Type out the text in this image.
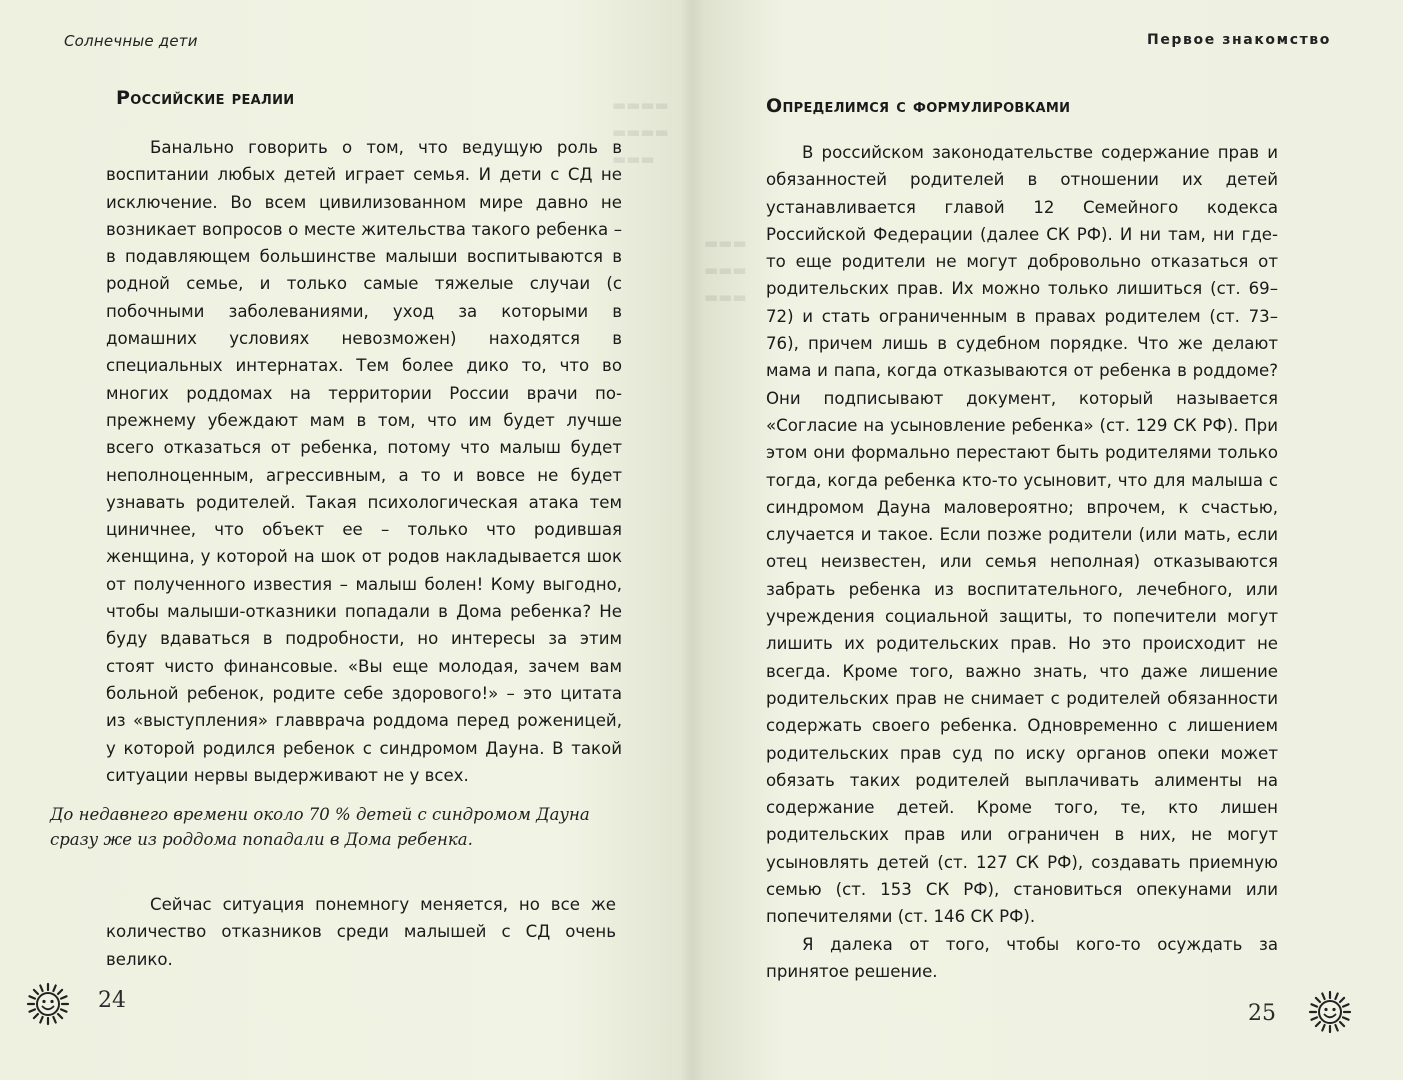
▬▬▬▬
▬▬▬▬
▬▬▬
Солнечные дети
Российские реалии

Банально говорить о том, что ведущую роль в воспитании любых детей играет семья. И дети с СД не исключение. Во всем цивилизованном мире давно не возникает вопросов о месте жительства такого ребенка – в подавляющем большинстве малыши воспитываются в родной семье, и только самые тяжелые случаи (с побочными заболеваниями, уход за которыми в домашних условиях невозможен) находятся в специальных интернатах. Тем более дико то, что во многих роддомах на территории России врачи по-прежнему убеждают мам в том, что им будет лучше всего отказаться от ребенка, потому что малыш будет неполноценным, агрессивным, а то и вовсе не будет узнавать родителей. Такая психологическая атака тем циничнее, что объект ее – только что родившая женщина, у которой на шок от родов накладывается шок от полученного известия – малыш болен! Кому выгодно, чтобы малыши-отказники попадали в Дома ребенка? Не буду вдаваться в подробности, но интересы за этим стоят чисто финансовые. «Вы еще молодая, зачем вам больной ребенок, родите себе здорового!» – это цитата из «выступления» главврача роддома перед роженицей, у которой родился ребенок с синдромом Дауна. В такой ситуации нервы выдерживают не у всех.

До недавнего времени около 70 % детей с синдромом Дауна сразу же из роддома попадали в Дома ребенка.

Сейчас ситуация понемногу меняется, но все же количество отказников среди малышей с СД очень велико.

24
▬▬▬
▬▬▬
▬▬▬
Первое знакомство
Определимся с формулировками

В российском законодательстве содержание прав и обязанностей родителей в отношении их детей устанавливается главой 12 Семейного кодекса Российской Федерации (далее СК РФ). И ни там, ни где-то еще родители не могут добровольно отказаться от родительских прав. Их можно только лишиться (ст. 69–72) и стать ограниченным в правах родителем (ст. 73–76), причем лишь в судебном порядке. Что же делают мама и папа, когда отказываются от ребенка в роддоме? Они подписывают документ, который называется «Согласие на усыновление ребенка» (ст. 129 СК РФ). При этом они формально перестают быть родителями только тогда, когда ребенка кто-то усыновит, что для малыша с синдромом Дауна маловероятно; впрочем, к счастью, случается и такое. Если позже родители (или мать, если отец неизвестен, или семья неполная) отказываются забрать ребенка из воспитательного, лечебного, или учреждения социальной защиты, то попечители могут лишить их родительских прав. Но это происходит не всегда. Кроме того, важно знать, что даже лишение родительских прав не снимает с родителей обязанности содержать своего ребенка. Одновременно с лишением родительских прав суд по иску органов опеки может обязать таких родителей выплачивать алименты на содержание детей. Кроме того, те, кто лишен родительских прав или ограничен в них, не могут усыновлять детей (ст. 127 СК РФ), создавать приемную семью (ст. 153 СК РФ), становиться опекунами или попечителями (ст. 146 СК РФ).

Я далека от того, чтобы кого-то осуждать за принятое решение.

25
